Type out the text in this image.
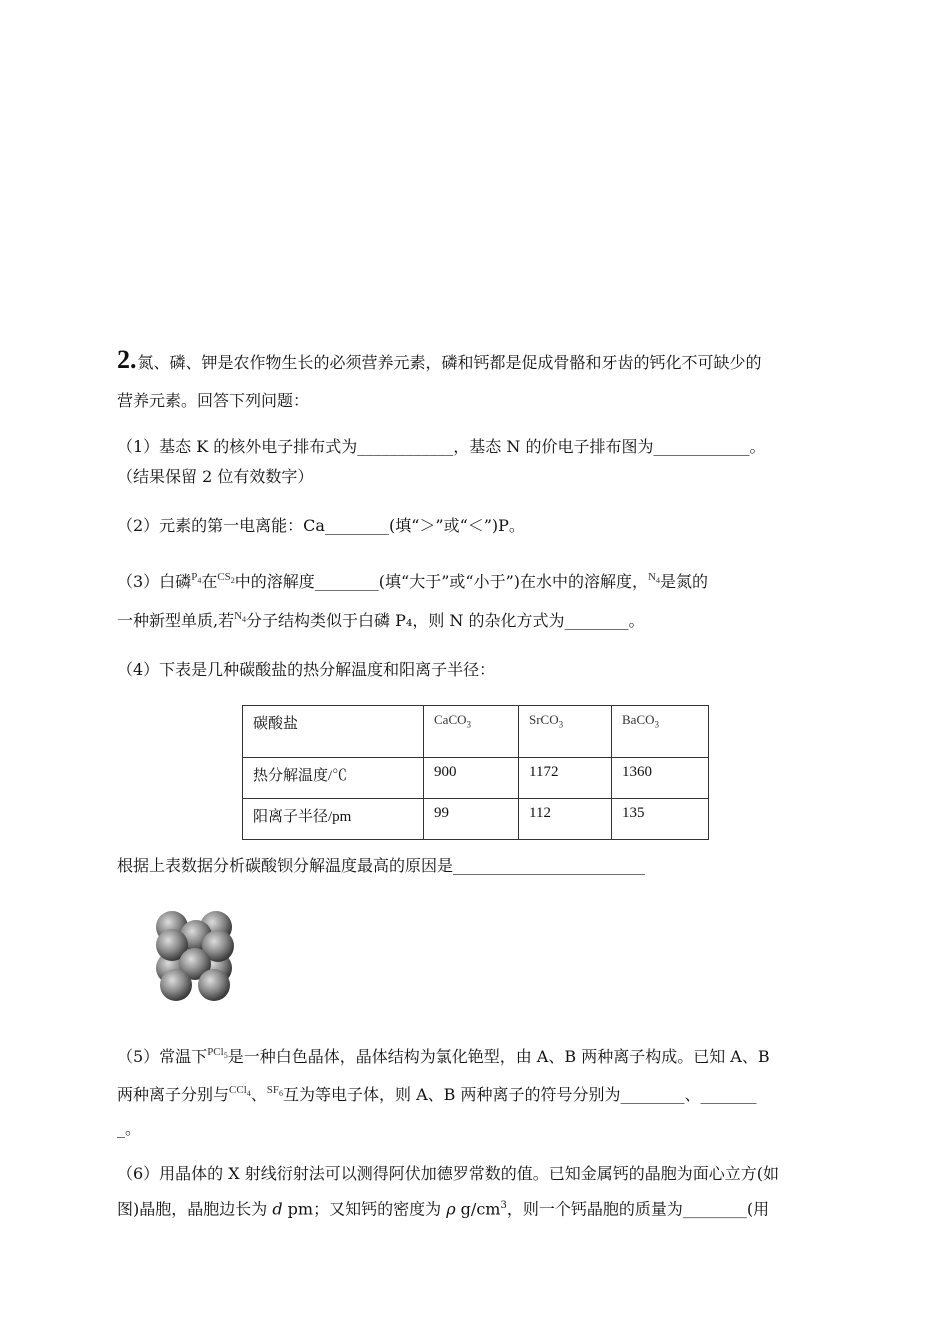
2.氮、磷、钾是农作物生长的必须营养元素，磷和钙都是促成骨骼和牙齿的钙化不可缺少的
营养元素。回答下列问题：
（1）基态 K 的核外电子排布式为____________，基态 N 的价电子排布图为____________。
（结果保留 2 位有效数字）
（2）元素的第一电离能：Ca________(填“＞”或“＜”)P。
（3）白磷$^{P_4}$在$^{CS_2}$中的溶解度________(填“大于”或“小于”)在水中的溶解度，$^{N_4}$是氮的
一种新型单质,若$^{N_4}$分子结构类似于白磷 P₄，则 N 的杂化方式为________。
（4）下表是几种碳酸盐的热分解温度和阳离子半径：
碳酸盐	CaCO$_3$	SrCO$_3$	BaCO$_3$
热分解温度/℃	900	1172	1360
阳离子半径/pm	99	112	135
根据上表数据分析碳酸钡分解温度最高的原因是________________________
（5）常温下$^{PCl_5}$是一种白色晶体，晶体结构为氯化铯型，由 A、B 两种离子构成。已知 A、B
两种离子分别与$^{CCl_4}$、$^{SF_6}$互为等电子体，则 A、B 两种离子的符号分别为________、_______
_。
（6）用晶体的 X 射线衍射法可以测得阿伏加德罗常数的值。已知金属钙的晶胞为面心立方(如
图)晶胞，晶胞边长为 d pm；又知钙的密度为 ρ $g/cm^3$，则一个钙晶胞的质量为________(用
